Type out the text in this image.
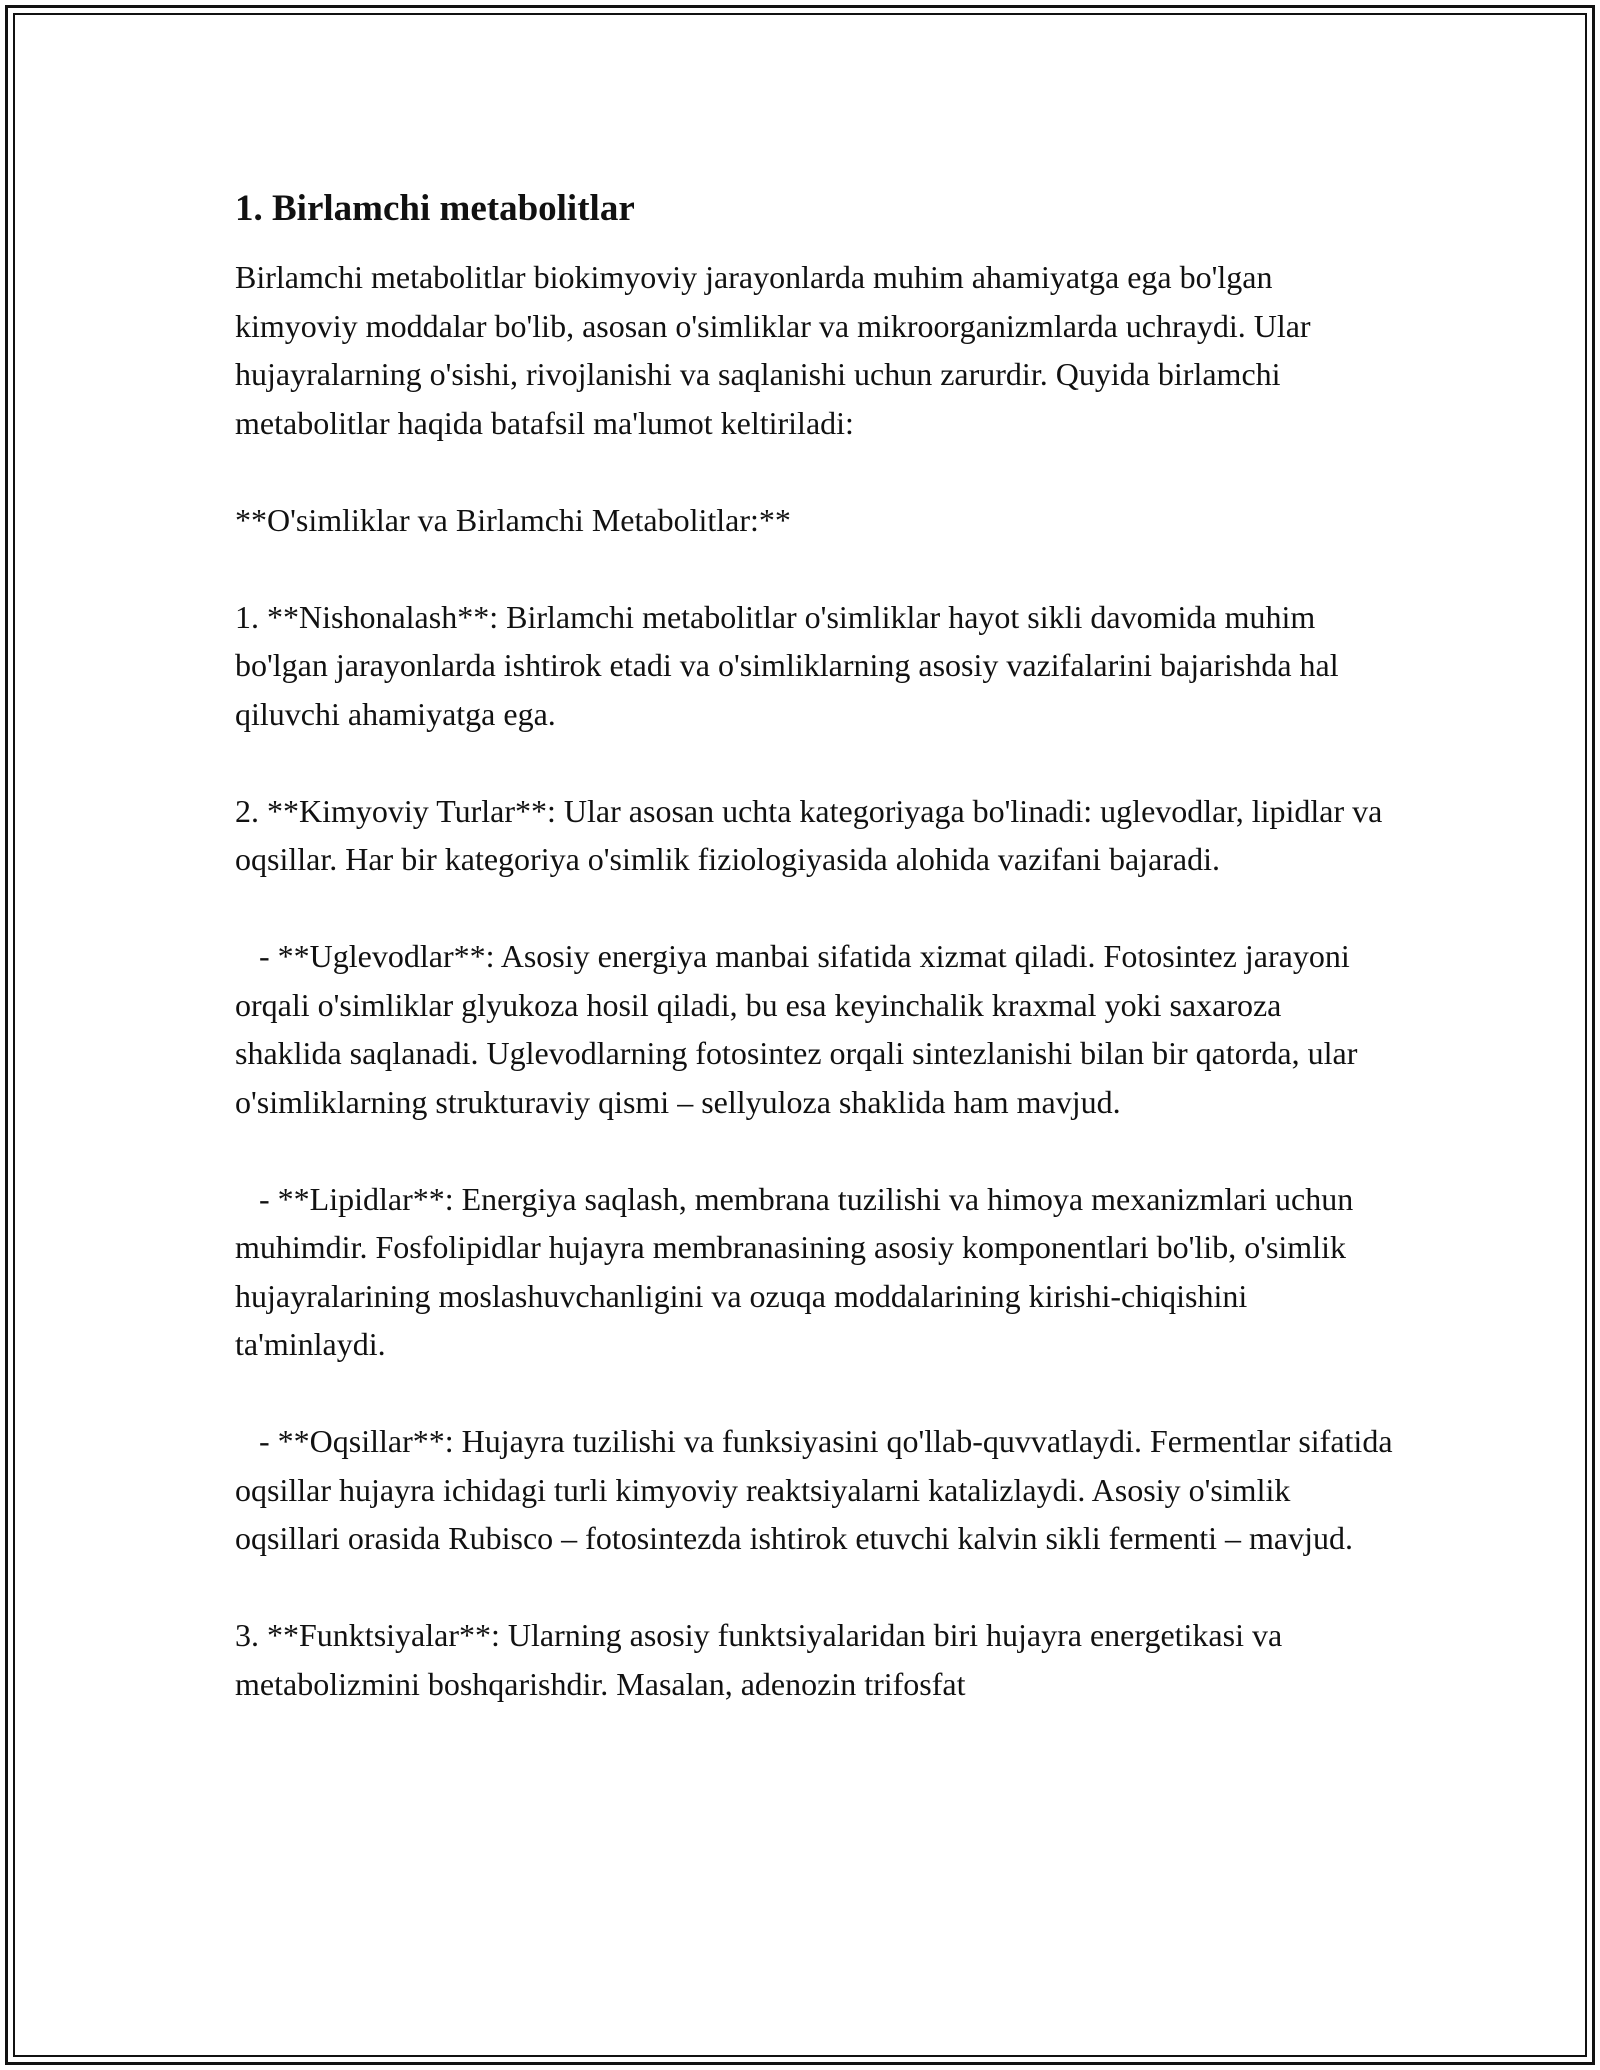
1. Birlamchi metabolitlar

Birlamchi metabolitlar biokimyoviy jarayonlarda muhim ahamiyatga ega bo'lgan kimyoviy moddalar bo'lib, asosan o'simliklar va mikroorganizmlarda uchraydi. Ular hujayralarning o'sishi, rivojlanishi va saqlanishi uchun zarurdir. Quyida birlamchi metabolitlar haqida batafsil ma'lumot keltiriladi:

**O'simliklar va Birlamchi Metabolitlar:**

1. **Nishonalash**: Birlamchi metabolitlar o'simliklar hayot sikli davomida muhim bo'lgan jarayonlarda ishtirok etadi va o'simliklarning asosiy vazifalarini bajarishda hal qiluvchi ahamiyatga ega.

2. **Kimyoviy Turlar**: Ular asosan uchta kategoriyaga bo'linadi: uglevodlar, lipidlar va oqsillar. Har bir kategoriya o'simlik fiziologiyasida alohida vazifani bajaradi.

- **Uglevodlar**: Asosiy energiya manbai sifatida xizmat qiladi. Fotosintez jarayoni orqali o'simliklar glyukoza hosil qiladi, bu esa keyinchalik kraxmal yoki saxaroza shaklida saqlanadi. Uglevodlarning fotosintez orqali sintezlanishi bilan bir qatorda, ular o'simliklarning strukturaviy qismi – sellyuloza shaklida ham mavjud.

- **Lipidlar**: Energiya saqlash, membrana tuzilishi va himoya mexanizmlari uchun muhimdir. Fosfolipidlar hujayra membranasining asosiy komponentlari bo'lib, o'simlik hujayralarining moslashuvchanligini va ozuqa moddalarining kirishi-chiqishini ta'minlaydi.

- **Oqsillar**: Hujayra tuzilishi va funksiyasini qo'llab-quvvatlaydi. Fermentlar sifatida oqsillar hujayra ichidagi turli kimyoviy reaktsiyalarni katalizlaydi. Asosiy o'simlik oqsillari orasida Rubisco – fotosintezda ishtirok etuvchi kalvin sikli fermenti – mavjud.

3. **Funktsiyalar**: Ularning asosiy funktsiyalaridan biri hujayra energetikasi va metabolizmini boshqarishdir. Masalan, adenozin trifosfat
